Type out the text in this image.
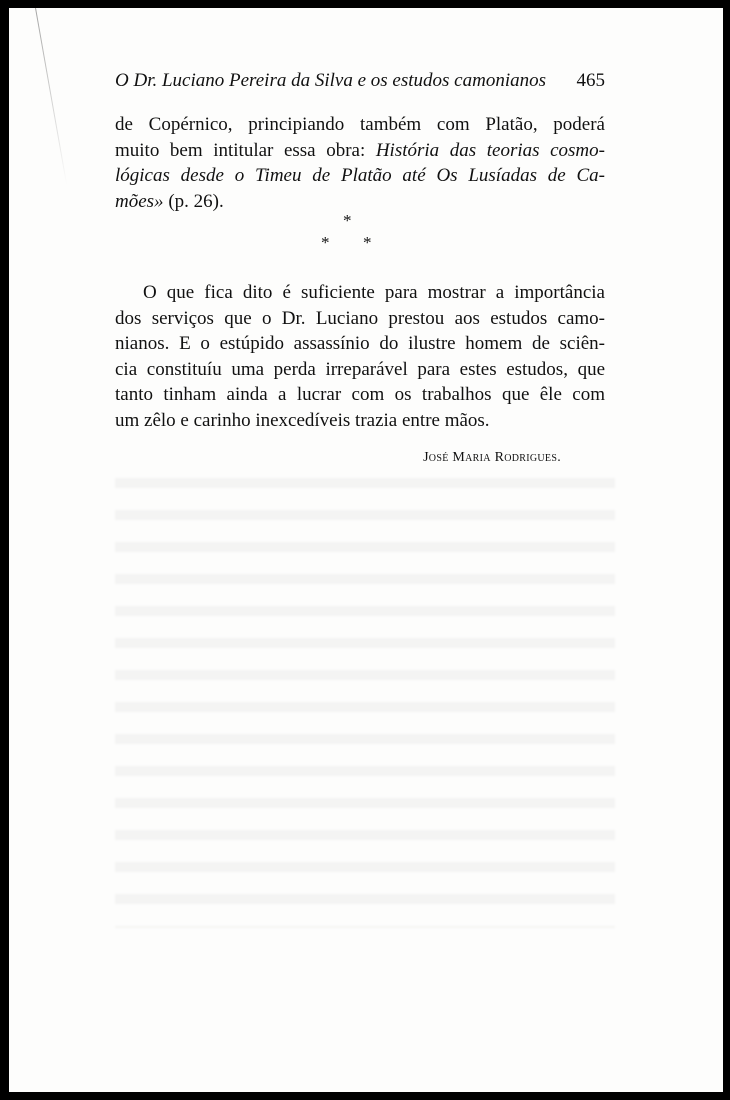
O Dr. Luciano Pereira da Silva e os estudos camonianos 465
de Copérnico, principiando também com Platão, poderá
muito bem intitular essa obra: História das teorias cosmo-
lógicas desde o Timeu de Platão até Os Lusíadas de Ca-
mões» (p. 26).
*
* *
O que fica dito é suficiente para mostrar a importância
dos serviços que o Dr. Luciano prestou aos estudos camo-
nianos. E o estúpido assassínio do ilustre homem de sciên-
cia constituíu uma perda irreparável para estes estudos, que
tanto tinham ainda a lucrar com os trabalhos que êle com
um zêlo e carinho inexcedíveis trazia entre mãos.
José Maria Rodrigues.
